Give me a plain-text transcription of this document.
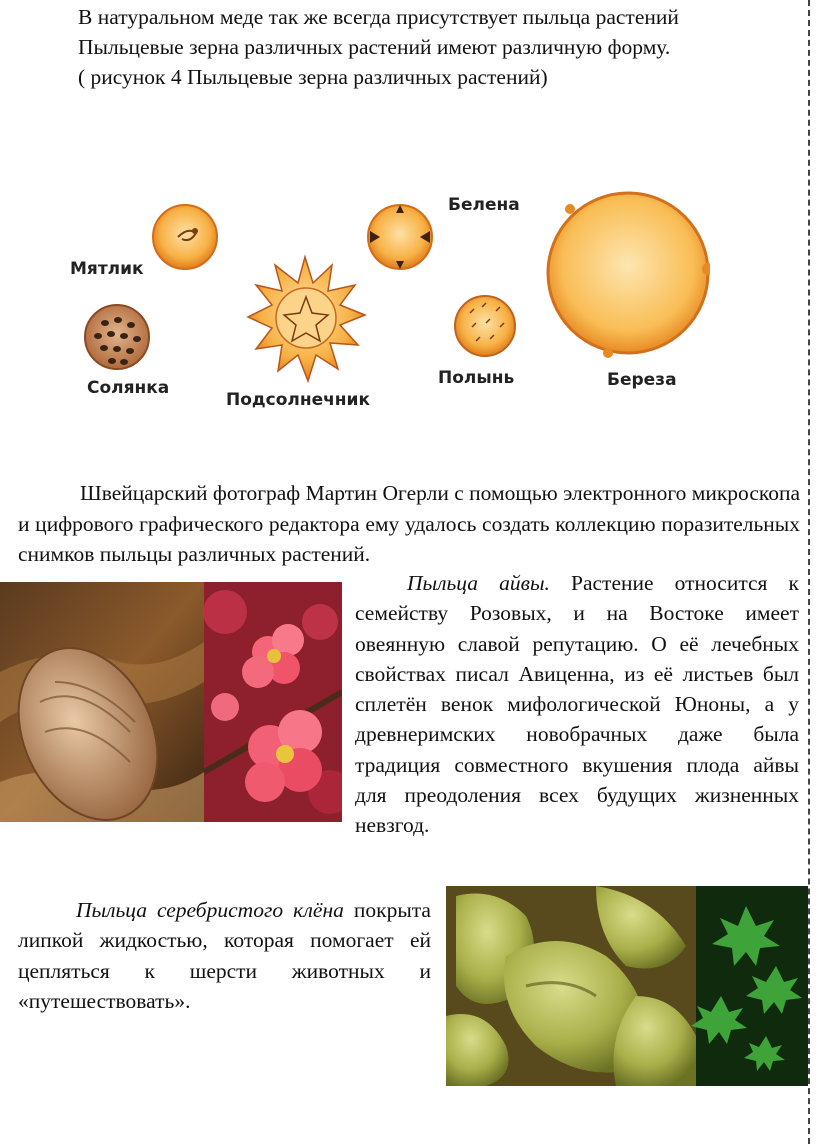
В натуральном меде так же всегда присутствует пыльца растений
Пыльцевые зерна различных растений имеют различную форму.
( рисунок 4 Пыльцевые зерна различных растений)
Мятлик
Солянка
Подсолнечник
Белена
Полынь	Береза
Швейцарский фотограф Мартин Огерли с помощью электронного микроскопа и цифрового графического редактора ему удалось создать коллекцию поразительных снимков пыльцы различных растений.
Пыльца айвы. Растение относится к семейству Розовых, и на Востоке имеет овеянную славой репутацию. О её лечебных свойствах писал Авиценна, из её листьев был сплетён венок мифологической Юноны, а у древнеримских новобрачных даже была традиция совместного вкушения плода айвы для преодоления всех будущих жизненных невзгод.
Пыльца серебристого клёна покрыта липкой жидкостью, которая помогает ей цепляться к шерсти животных и «путешествовать».
